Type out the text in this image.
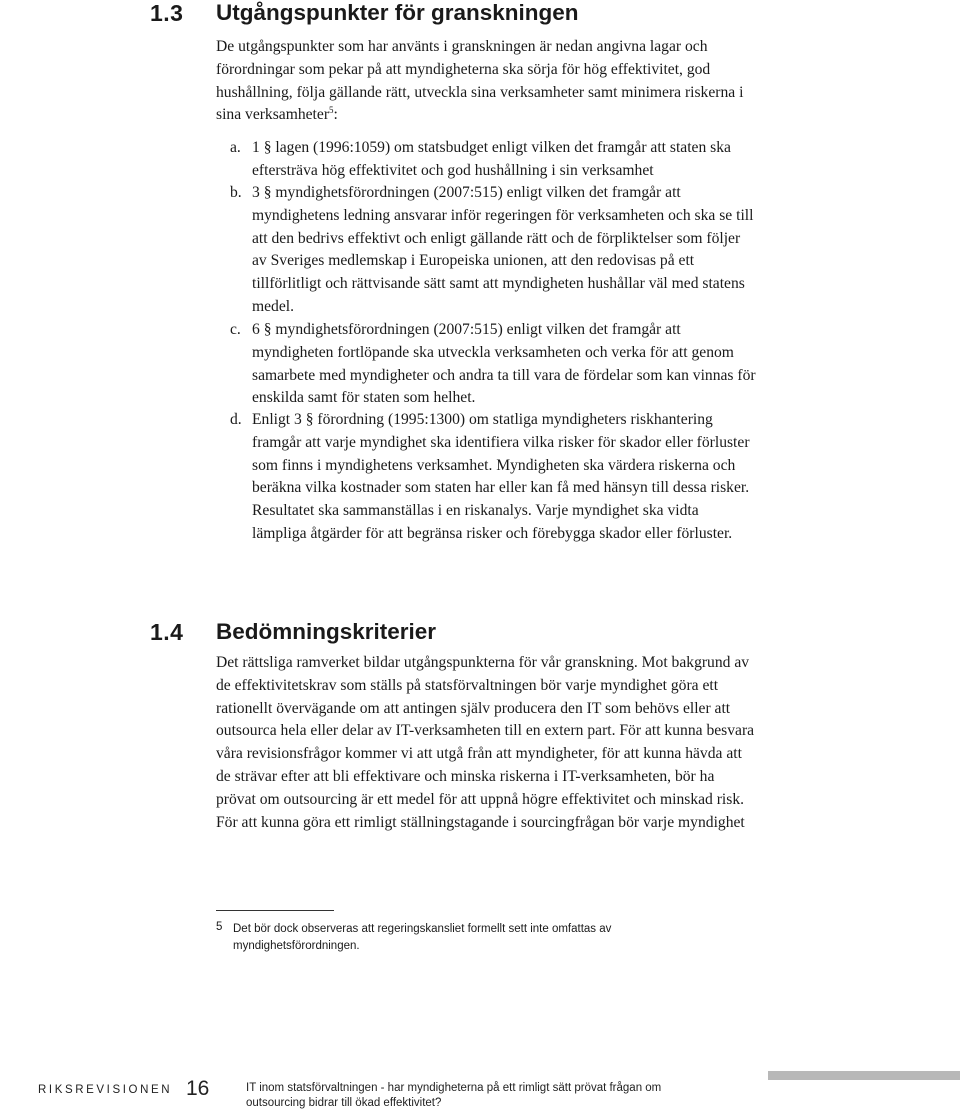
1.3 Utgångspunkter för granskningen

De utgångspunkter som har använts i granskningen är nedan angivna lagar och förordningar som pekar på att myndigheterna ska sörja för hög effektivitet, god hushållning, följa gällande rätt, utveckla sina verksamheter samt minimera riskerna i sina verksamheter$^5$:

a. 1 § lagen (1996:1059) om statsbudget enligt vilken det framgår att staten ska eftersträva hög effektivitet och god hushållning i sin verksamhet
b. 3 § myndighetsförordningen (2007:515) enligt vilken det framgår att myndighetens ledning ansvarar inför regeringen för verksamheten och ska se till att den bedrivs effektivt och enligt gällande rätt och de förpliktelser som följer av Sveriges medlemskap i Europeiska unionen, att den redovisas på ett tillförlitligt och rättvisande sätt samt att myndigheten hushållar väl med statens medel.
c. 6 § myndighetsförordningen (2007:515) enligt vilken det framgår att myndigheten fortlöpande ska utveckla verksamheten och verka för att genom samarbete med myndigheter och andra ta till vara de fördelar som kan vinnas för enskilda samt för staten som helhet.
d. Enligt 3 § förordning (1995:1300) om statliga myndigheters riskhantering framgår att varje myndighet ska identifiera vilka risker för skador eller förluster som finns i myndighetens verksamhet. Myndigheten ska värdera riskerna och beräkna vilka kostnader som staten har eller kan få med hänsyn till dessa risker. Resultatet ska sammanställas i en riskanalys. Varje myndighet ska vidta lämpliga åtgärder för att begränsa risker och förebygga skador eller förluster.
1.4 Bedömningskriterier

Det rättsliga ramverket bildar utgångspunkterna för vår granskning. Mot bakgrund av de effektivitetskrav som ställs på statsförvaltningen bör varje myndighet göra ett rationellt övervägande om att antingen själv producera den IT som behövs eller att outsourca hela eller delar av IT-verksamheten till en extern part. För att kunna besvara våra revisionsfrågor kommer vi att utgå från att myndigheter, för att kunna hävda att de strävar efter att bli effektivare och minska riskerna i IT-verksamheten, bör ha prövat om outsourcing är ett medel för att uppnå högre effektivitet och minskad risk. För att kunna göra ett rimligt ställningstagande i sourcingfrågan bör varje myndighet

5 Det bör dock observeras att regeringskansliet formellt sett inte omfattas av myndighetsförordningen.
RIKSREVISIONEN 16	IT inom statsförvaltningen - har myndigheterna på ett rimligt sätt prövat frågan om outsourcing bidrar till ökad effektivitet?
